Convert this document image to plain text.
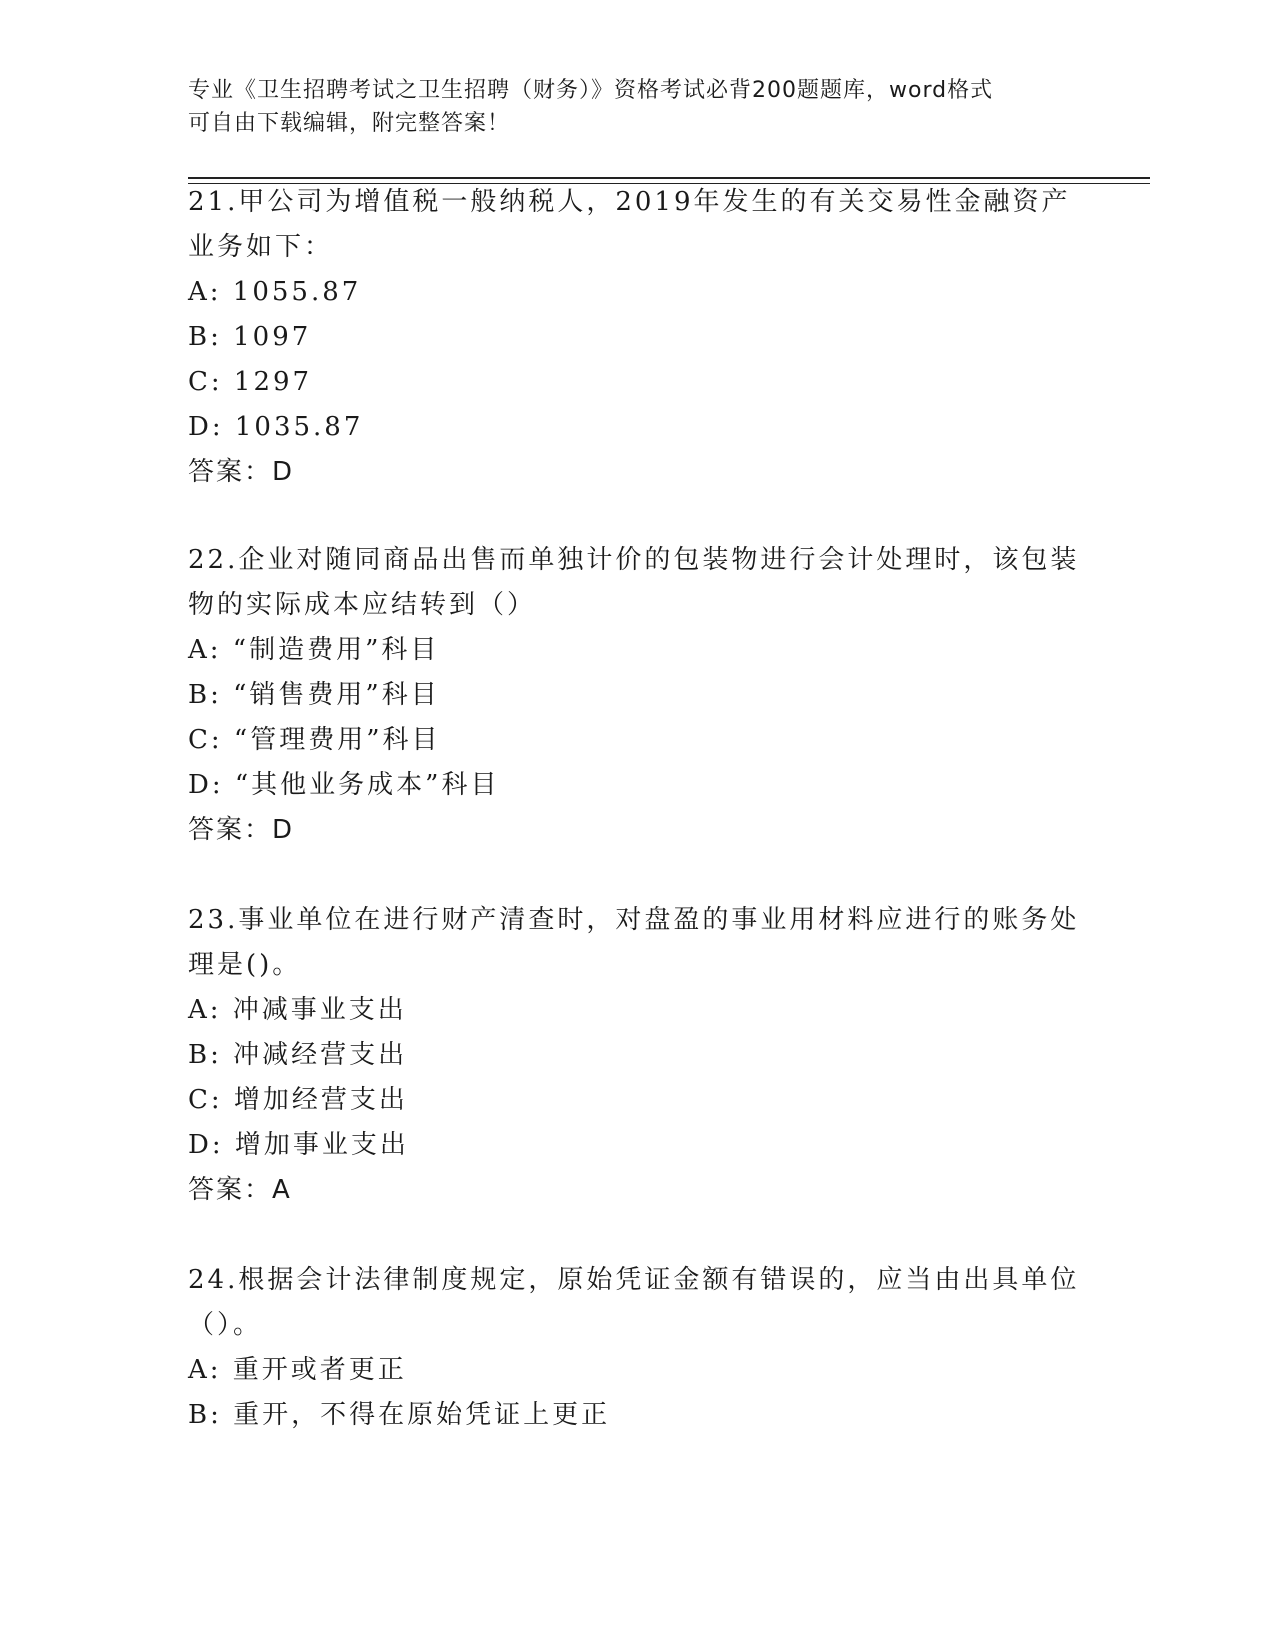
专业《卫生招聘考试之卫生招聘（财务）》资格考试必背200题题库，word格式
可自由下载编辑，附完整答案！
21.甲公司为增值税一般纳税人，2019年发生的有关交易性金融资产业务如下：
A: 1055.87
B: 1097
C: 1297
D: 1035.87
答案：D
22.企业对随同商品出售而单独计价的包装物进行会计处理时，该包装物的实际成本应结转到（）
A: “制造费用”科目
B: “销售费用”科目
C: “管理费用”科目
D: “其他业务成本”科目
答案：D
23.事业单位在进行财产清查时，对盘盈的事业用材料应进行的账务处理是()。
A: 冲减事业支出
B: 冲减经营支出
C: 增加经营支出
D: 增加事业支出
答案：A
24.根据会计法律制度规定，原始凭证金额有错误的，应当由出具单位（）。
A: 重开或者更正
B: 重开，不得在原始凭证上更正
